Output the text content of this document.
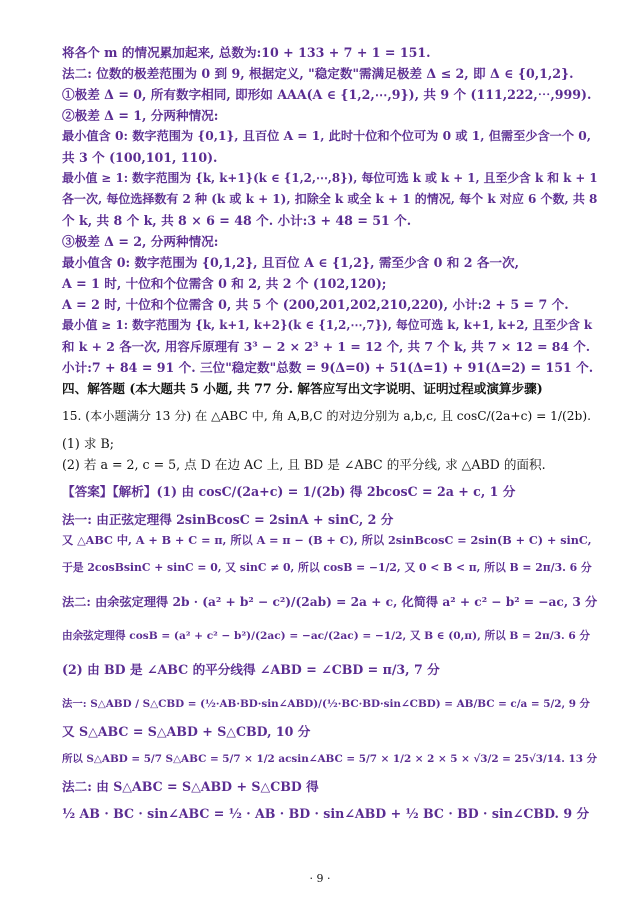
将各个 m 的情况累加起来, 总数为:10 + 133 + 7 + 1 = 151.
法二: 位数的极差范围为 0 到 9, 根据定义, "稳定数"需满足极差 Δ ≤ 2, 即 Δ ∈ {0,1,2}.
①极差 Δ = 0, 所有数字相同, 即形如 AAA(A ∈ {1,2,⋯,9}), 共 9 个 (111,222,⋯,999).
②极差 Δ = 1, 分两种情况:
最小值含 0: 数字范围为 {0,1}, 且百位 A = 1, 此时十位和个位可为 0 或 1, 但需至少含一个 0,
共 3 个 (100,101, 110).
最小值 ≥ 1: 数字范围为 {k, k+1}(k ∈ {1,2,⋯,8}), 每位可选 k 或 k + 1, 且至少含 k 和 k + 1
各一次, 每位选择数有 2 种 (k 或 k + 1), 扣除全 k 或全 k + 1 的情况, 每个 k 对应 6 个数, 共 8
个 k, 共 8 个 k, 共 8 × 6 = 48 个. 小计:3 + 48 = 51 个.
③极差 Δ = 2, 分两种情况:
最小值含 0: 数字范围为 {0,1,2}, 且百位 A ∈ {1,2}, 需至少含 0 和 2 各一次,
A = 1 时, 十位和个位需含 0 和 2, 共 2 个 (102,120);
A = 2 时, 十位和个位需含 0, 共 5 个 (200,201,202,210,220), 小计:2 + 5 = 7 个.
最小值 ≥ 1: 数字范围为 {k, k+1, k+2}(k ∈ {1,2,⋯,7}), 每位可选 k, k+1, k+2, 且至少含 k
和 k + 2 各一次, 用容斥原理有 3³ − 2 × 2³ + 1 = 12 个, 共 7 个 k, 共 7 × 12 = 84 个.
小计:7 + 84 = 91 个. 三位"稳定数"总数 = 9(Δ=0) + 51(Δ=1) + 91(Δ=2) = 151 个.
四、解答题 (本大题共 5 小题, 共 77 分. 解答应写出文字说明、证明过程或演算步骤)
15. (本小题满分 13 分) 在 △ABC 中, 角 A,B,C 的对边分别为 a,b,c, 且 cosC/(2a+c) = 1/(2b).
(1) 求 B;
(2) 若 a = 2, c = 5, 点 D 在边 AC 上, 且 BD 是 ∠ABC 的平分线, 求 △ABD 的面积.
【答案】【解析】(1) 由 cosC/(2a+c) = 1/(2b) 得 2bcosC = 2a + c, 1 分
法一: 由正弦定理得 2sinBcosC = 2sinA + sinC, 2 分
又 △ABC 中, A + B + C = π, 所以 A = π − (B + C), 所以 2sinBcosC = 2sin(B + C) + sinC,
于是 2cosBsinC + sinC = 0, 又 sinC ≠ 0, 所以 cosB = −1/2, 又 0 < B < π, 所以 B = 2π/3. 6 分
法二: 由余弦定理得 2b · (a² + b² − c²)/(2ab) = 2a + c, 化简得 a² + c² − b² = −ac, 3 分
由余弦定理得 cosB = (a² + c² − b²)/(2ac) = −ac/(2ac) = −1/2, 又 B ∈ (0,π), 所以 B = 2π/3. 6 分
(2) 由 BD 是 ∠ABC 的平分线得 ∠ABD = ∠CBD = π/3, 7 分
法一: S△ABD / S△CBD = (½·AB·BD·sin∠ABD)/(½·BC·BD·sin∠CBD) = AB/BC = c/a = 5/2, 9 分
又 S△ABC = S△ABD + S△CBD, 10 分
所以 S△ABD = 5/7 S△ABC = 5/7 × 1/2 acsin∠ABC = 5/7 × 1/2 × 2 × 5 × √3/2 = 25√3/14. 13 分
法二: 由 S△ABC = S△ABD + S△CBD 得
½ AB · BC · sin∠ABC = ½ · AB · BD · sin∠ABD + ½ BC · BD · sin∠CBD. 9 分
· 9 ·
